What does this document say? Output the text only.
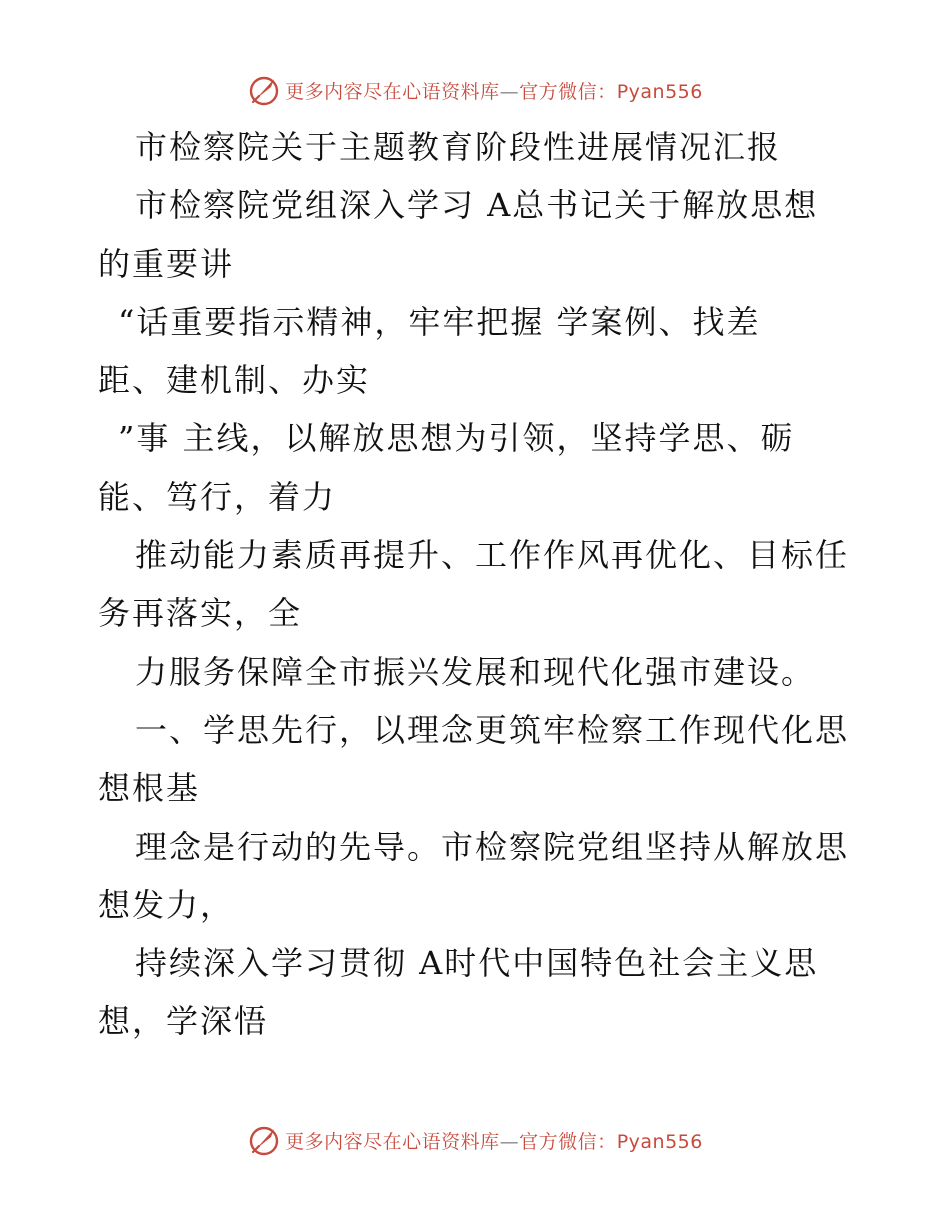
更多内容尽在心语资料库—官方微信：Pyan556
市检察院关于主题教育阶段性进展情况汇报
市检察院党组深入学习 A总书记关于解放思想
的重要讲
“话重要指示精神，牢牢把握 学案例、找差
距、建机制、办实
”事 主线，以解放思想为引领，坚持学思、砺
能、笃行，着力
推动能力素质再提升、工作作风再优化、目标任
务再落实，全
力服务保障全市振兴发展和现代化强市建设。
一、学思先行，以理念更筑牢检察工作现代化思
想根基
理念是行动的先导。市检察院党组坚持从解放思
想发力，
持续深入学习贯彻 A时代中国特色社会主义思
想，学深悟
更多内容尽在心语资料库—官方微信：Pyan556
